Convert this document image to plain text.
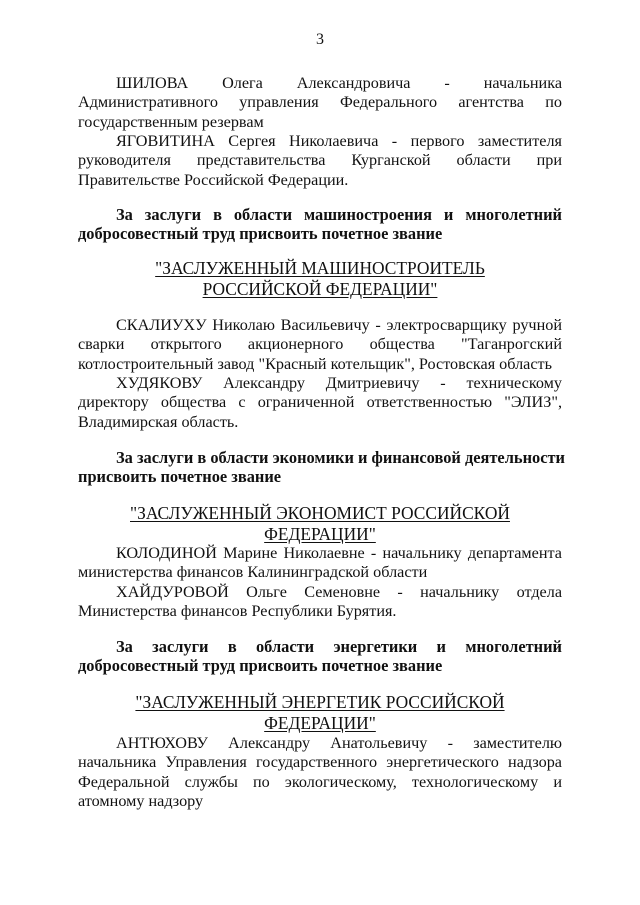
3
ШИЛОВА Олега Александровича - начальника
Административного управления Федерального агентства по
государственным резервам
ЯГОВИТИНА Сергея Николаевича - первого заместителя
руководителя представительства Курганской области при
Правительстве Российской Федерации.
За заслуги в области машиностроения и многолетний
добросовестный труд присвоить почетное звание
"ЗАСЛУЖЕННЫЙ МАШИНОСТРОИТЕЛЬ
РОССИЙСКОЙ ФЕДЕРАЦИИ"
СКАЛИУХУ Николаю Васильевичу - электросварщику ручной
сварки открытого акционерного общества "Таганрогский
котлостроительный завод "Красный котельщик", Ростовская область
ХУДЯКОВУ Александру Дмитриевичу - техническому
директору общества с ограниченной ответственностью "ЭЛИЗ",
Владимирская область.
За заслуги в области экономики и финансовой деятельности
присвоить почетное звание
"ЗАСЛУЖЕННЫЙ ЭКОНОМИСТ РОССИЙСКОЙ ФЕДЕРАЦИИ"
КОЛОДИНОЙ Марине Николаевне - начальнику департамента
министерства финансов Калининградской области
ХАЙДУРОВОЙ Ольге Семеновне - начальнику отдела
Министерства финансов Республики Бурятия.
За заслуги в области энергетики и многолетний
добросовестный труд присвоить почетное звание
"ЗАСЛУЖЕННЫЙ ЭНЕРГЕТИК РОССИЙСКОЙ ФЕДЕРАЦИИ"
АНТЮХОВУ Александру Анатольевичу - заместителю
начальника Управления государственного энергетического надзора
Федеральной службы по экологическому, технологическому и
атомному надзору
